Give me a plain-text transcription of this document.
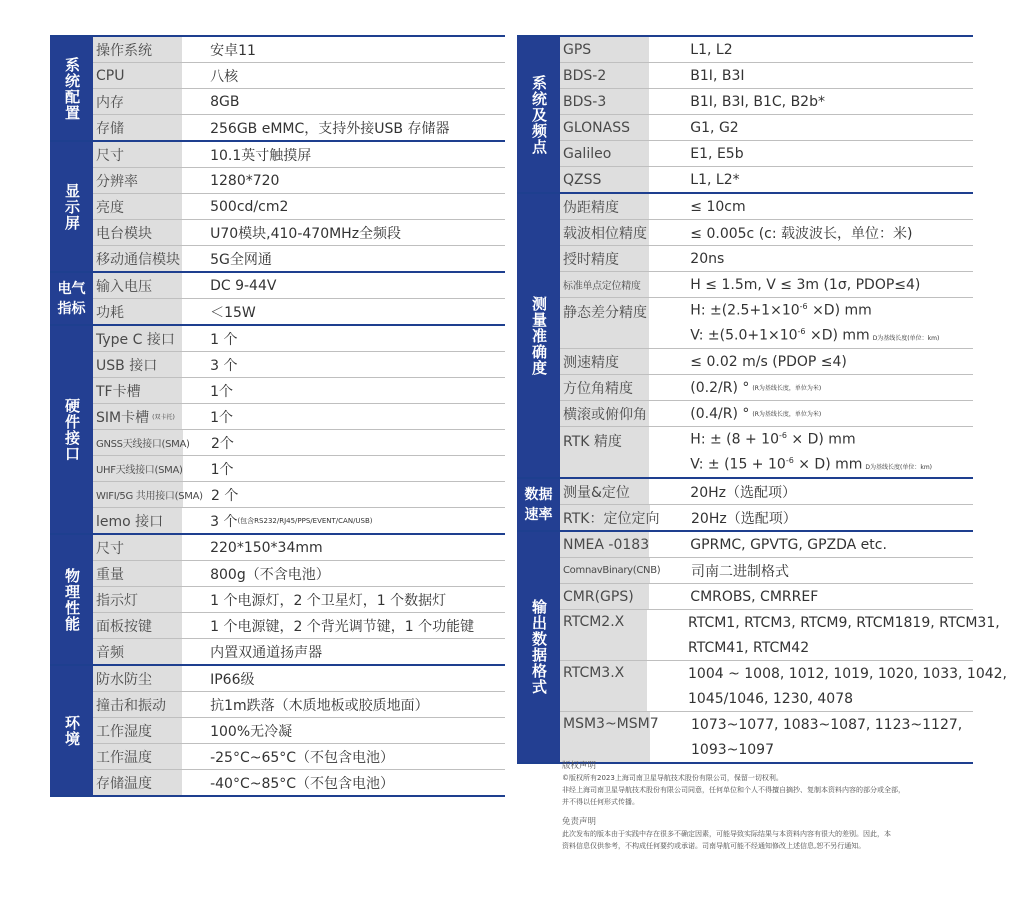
系统配置
操作系统	安卓11
CPU	八核
内存	8GB
存储	256GB eMMC，支持外接USB 存储器
显示屏
尺寸	10.1英寸触摸屏
分辨率	1280*720
亮度	500cd/cm2
电台模块	U70模块,410-470MHz全频段
移动通信模块 5G全网通
电气指标
输入电压	DC 9-44V
功耗	＜15W
硬件接口
Type C 接口	1 个
USB 接口	3 个
TF卡槽	1个
SIM卡槽 (双卡托)	1个
GNSS天线接口(SMA) 2个
UHF天线接口(SMA) 1个
WIFI/5G 共用接口(SMA) 2 个
lemo 接口	3 个 (包含RS232/RJ45/PPS/EVENT/CAN/USB)
物理性能
尺寸	220*150*34mm
重量	800g（不含电池）
指示灯	1 个电源灯，2 个卫星灯，1 个数据灯
面板按键	1 个电源键，2 个背光调节键，1 个功能键
音频	内置双通道扬声器
环境
防水防尘	IP66级
撞击和振动	抗1m跌落（木质地板或胶质地面）
工作湿度	100%无冷凝
工作温度	-25°C~65°C（不包含电池）
存储温度	-40°C~85°C（不包含电池）
系统及频点
GPS	L1, L2
BDS-2	B1I, B3I
BDS-3	B1I, B3I, B1C, B2b*
GLONASS	G1, G2
Galileo	E1, E5b
QZSS	L1, L2*
测量准确度
伪距精度	≤ 10cm
载波相位精度	≤ 0.005c (c: 载波波长，单位：米)
授时精度	20ns
标准单点定位精度	H ≤ 1.5m, V ≤ 3m (1σ, PDOP≤4)
静态差分精度	H: $\pm(2.5+1\times 10^{-6} \times D)$ mm
V: $\pm(5.0+1\times 10^{-6} \times D)$ mm D为基线长度(单位：km)
测速精度	≤ 0.02 m/s (PDOP ≤4)
方位角精度	(0.2/R) ° (R为基线长度，单位为米)
横滚或俯仰角	(0.4/R) ° (R为基线长度，单位为米)
RTK 精度	H: ± $(8 + 10^{-6} \times D)$ mm
V: ± $(15 + 10^{-6} \times D)$ mm D为基线长度(单位：km)
数据速率
测量&定位	20Hz（选配项）
RTK：定位定向 20Hz（选配项）
输出数据格式
NMEA -0183	GPRMC, GPVTG, GPZDA etc.
ComnavBinary(CNB) 司南二进制格式
CMR(GPS)	CMROBS, CMRREF
RTCM2.X	RTCM1, RTCM3, RTCM9, RTCM1819, RTCM31,
RTCM41, RTCM42
RTCM3.X	1004 ~ 1008, 1012, 1019, 1020, 1033, 1042,
1045/1046, 1230, 4078
MSM3~MSM7 1073~1077, 1083~1087, 1123~1127,
1093~1097
版权声明
©版权所有2023上海司南卫星导航技术股份有限公司，保留一切权利。
非经上海司南卫星导航技术股份有限公司同意，任何单位和个人不得擅自摘抄、复制本资料内容的部分或全部，
并不得以任何形式传播。
免责声明
此次发布的版本由于实践中存在很多不确定因素，可能导致实际结果与本资料内容有很大的差别。因此，本
资料信息仅供参考，不构成任何要约或承诺。司南导航可能不经通知修改上述信息,恕不另行通知。
